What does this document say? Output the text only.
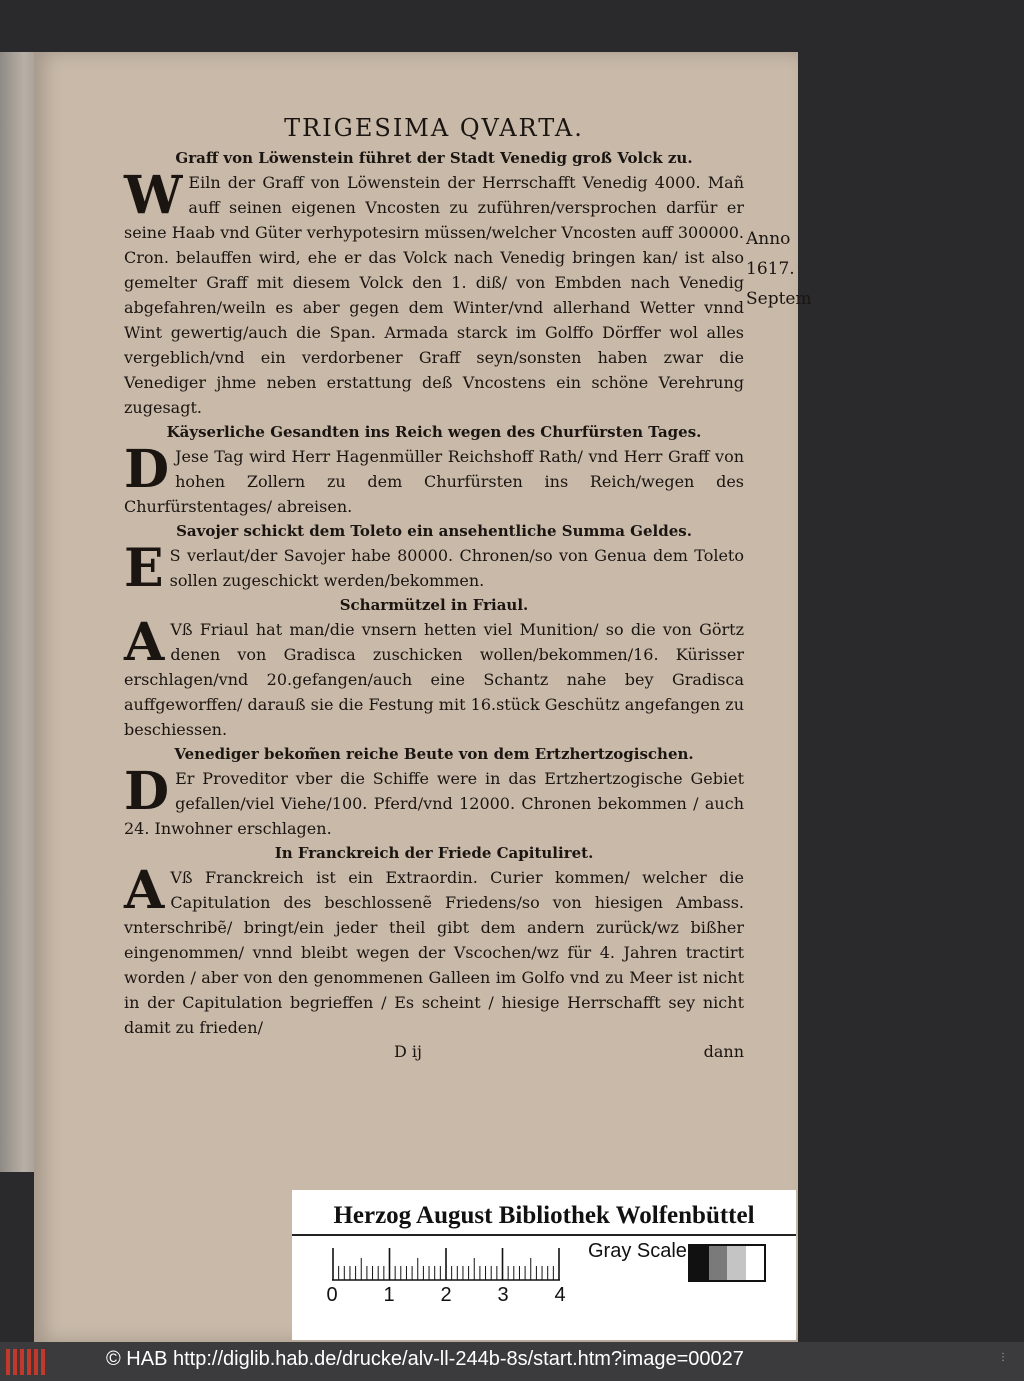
TRIGESIMA QVARTA.
Graff von Löwenstein führet der Stadt Venedig groß Volck zu.

W Eiln der Graff von Löwenstein der Herrschafft Venedig 4000. Mañ auff seinen eigenen Vncosten zu zuführen/versprochen darfür er seine Haab vnd Güter verhypotesirn müssen/welcher Vncosten auff 300000. Cron. belauffen wird, ehe er das Volck nach Venedig bringen kan/ ist also gemelter Graff mit diesem Volck den 1. diß/ von Embden nach Venedig abgefahren/weiln es aber gegen dem Winter/vnd allerhand Wetter vnnd Wint gewertig/auch die Span. Armada starck im Golffo Dörffer wol alles vergeblich/vnd ein verdorbener Graff seyn/sonsten haben zwar die Venediger jhme neben erstattung deß Vncostens ein schöne Verehrung zugesagt.

Käyserliche Gesandten ins Reich wegen des Churfürsten Tages.

D Jese Tag wird Herr Hagenmüller Reichshoff Rath/ vnd Herr Graff von hohen Zollern zu dem Churfürsten ins Reich/wegen des Churfürstentages/ abreisen.

Savojer schickt dem Toleto ein ansehentliche Summa Geldes.

E S verlaut/der Savojer habe 80000. Chronen/so von Genua dem Toleto sollen zugeschickt werden/bekommen.

Scharmützel in Friaul.

A Vß Friaul hat man/die vnsern hetten viel Munition/ so die von Görtz denen von Gradisca zuschicken wollen/bekommen/16. Kürisser erschlagen/vnd 20.gefangen/auch eine Schantz nahe bey Gradisca auffgeworffen/ darauß sie die Festung mit 16.stück Geschütz angefangen zu beschiessen.

Venediger bekom̃en reiche Beute von dem Ertzhertzogischen.

D Er Proveditor vber die Schiffe were in das Ertzhertzogische Gebiet gefallen/viel Viehe/100. Pferd/vnd 12000. Chronen bekommen / auch 24. Inwohner erschlagen.

In Franckreich der Friede Capituliret.

A Vß Franckreich ist ein Extraordin. Curier kommen/ welcher die Capitulation des beschlossenẽ Friedens/so von hiesigen Ambass. vnterschribẽ/ bringt/ein jeder theil gibt dem andern zurück/wz bißher eingenommen/ vnnd bleibt wegen der Vscochen/wz für 4. Jahren tractirt worden / aber von den genommenen Galleen im Golfo vnd zu Meer ist nicht in der Capitulation begrieffen / Es scheint / hiesige Herrschafft sey nicht damit zu frieden/

D ij	dann
Anno
1617.
Septem
Herzog August Bibliothek Wolfenbüttel
0 1 2 3 4
Gray Scale
© HAB http://diglib.hab.de/drucke/alv-ll-244b-8s/start.htm?image=00027	⋮
